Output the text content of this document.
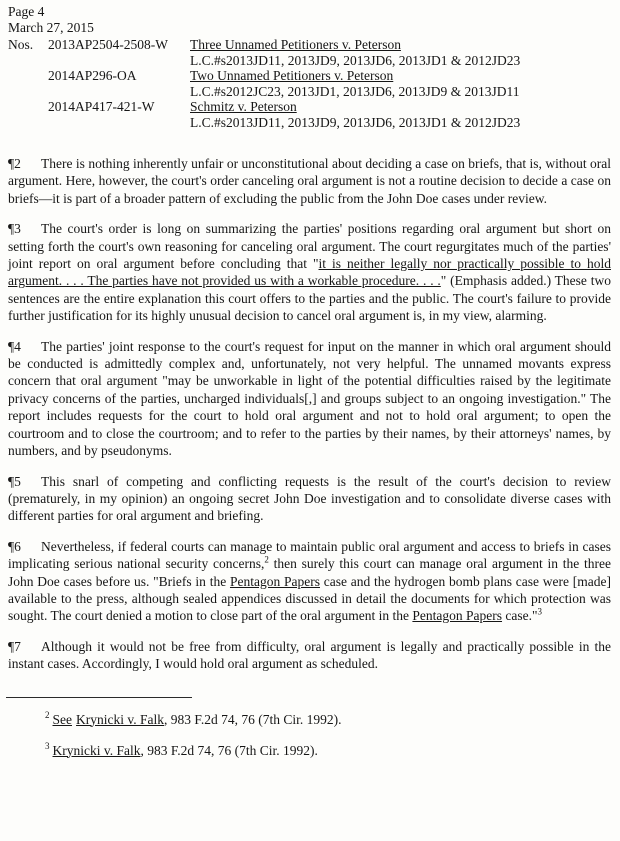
Page 4
March 27, 2015
Nos.	2013AP2504-2508-W	Three Unnamed Petitioners v. Peterson
L.C.#s2013JD11, 2013JD9, 2013JD6, 2013JD1 & 2012JD23
2014AP296-OA	Two Unnamed Petitioners v. Peterson
L.C.#s2012JC23, 2013JD1, 2013JD6, 2013JD9 & 2013JD11
2014AP417-421-W	Schmitz v. Peterson
L.C.#s2013JD11, 2013JD9, 2013JD6, 2013JD1 & 2012JD23

¶2 There is nothing inherently unfair or unconstitutional about deciding a case on briefs, that is, without oral argument. Here, however, the court's order canceling oral argument is not a routine decision to decide a case on briefs—it is part of a broader pattern of excluding the public from the John Doe cases under review.

¶3 The court's order is long on summarizing the parties' positions regarding oral argument but short on setting forth the court's own reasoning for canceling oral argument. The court regurgitates much of the parties' joint report on oral argument before concluding that "it is neither legally nor practically possible to hold argument. . . . The parties have not provided us with a workable procedure. . . ." (Emphasis added.) These two sentences are the entire explanation this court offers to the parties and the public. The court's failure to provide further justification for its highly unusual decision to cancel oral argument is, in my view, alarming.

¶4 The parties' joint response to the court's request for input on the manner in which oral argument should be conducted is admittedly complex and, unfortunately, not very helpful. The unnamed movants express concern that oral argument "may be unworkable in light of the potential difficulties raised by the legitimate privacy concerns of the parties, uncharged individuals[,] and groups subject to an ongoing investigation." The report includes requests for the court to hold oral argument and not to hold oral argument; to open the courtroom and to close the courtroom; and to refer to the parties by their names, by their attorneys' names, by numbers, and by pseudonyms.

¶5 This snarl of competing and conflicting requests is the result of the court's decision to review (prematurely, in my opinion) an ongoing secret John Doe investigation and to consolidate diverse cases with different parties for oral argument and briefing.

¶6 Nevertheless, if federal courts can manage to maintain public oral argument and access to briefs in cases implicating serious national security concerns,$^2$ then surely this court can manage oral argument in the three John Doe cases before us. "Briefs in the Pentagon Papers case and the hydrogen bomb plans case were [made] available to the press, although sealed appendices discussed in detail the documents for which protection was sought. The court denied a motion to close part of the oral argument in the Pentagon Papers case."$^3$

¶7 Although it would not be free from difficulty, oral argument is legally and practically possible in the instant cases. Accordingly, I would hold oral argument as scheduled.

$^2$ See Krynicki v. Falk, 983 F.2d 74, 76 (7th Cir. 1992).

$^3$ Krynicki v. Falk, 983 F.2d 74, 76 (7th Cir. 1992).
